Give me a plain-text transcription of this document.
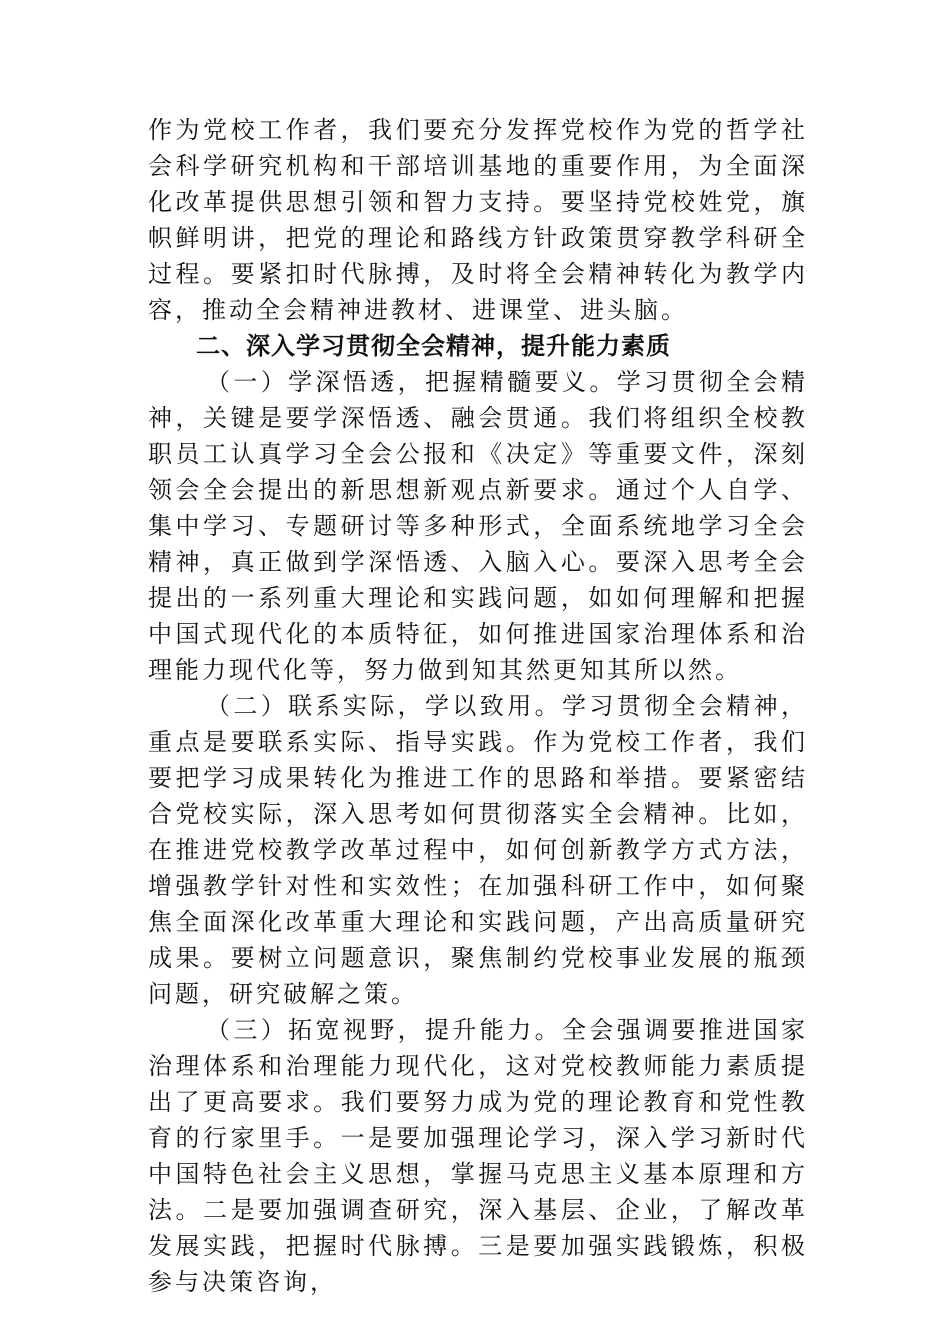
作为党校工作者，我们要充分发挥党校作为党的哲学社会科学研究机构和干部培训基地的重要作用，为全面深化改革提供思想引领和智力支持。要坚持党校姓党，旗帜鲜明讲，把党的理论和路线方针政策贯穿教学科研全过程。要紧扣时代脉搏，及时将全会精神转化为教学内容，推动全会精神进教材、进课堂、进头脑。

二、深入学习贯彻全会精神，提升能力素质

（一）学深悟透，把握精髓要义。学习贯彻全会精神，关键是要学深悟透、融会贯通。我们将组织全校教职员工认真学习全会公报和《决定》等重要文件，深刻领会全会提出的新思想新观点新要求。通过个人自学、集中学习、专题研讨等多种形式，全面系统地学习全会精神，真正做到学深悟透、入脑入心。要深入思考全会提出的一系列重大理论和实践问题，如如何理解和把握中国式现代化的本质特征，如何推进国家治理体系和治理能力现代化等，努力做到知其然更知其所以然。

（二）联系实际，学以致用。学习贯彻全会精神，重点是要联系实际、指导实践。作为党校工作者，我们要把学习成果转化为推进工作的思路和举措。要紧密结合党校实际，深入思考如何贯彻落实全会精神。比如，在推进党校教学改革过程中，如何创新教学方式方法，增强教学针对性和实效性；在加强科研工作中，如何聚焦全面深化改革重大理论和实践问题，产出高质量研究成果。要树立问题意识，聚焦制约党校事业发展的瓶颈问题，研究破解之策。

（三）拓宽视野，提升能力。全会强调要推进国家治理体系和治理能力现代化，这对党校教师能力素质提出了更高要求。我们要努力成为党的理论教育和党性教育的行家里手。一是要加强理论学习，深入学习新时代中国特色社会主义思想，掌握马克思主义基本原理和方法。二是要加强调查研究，深入基层、企业，了解改革发展实践，把握时代脉搏。三是要加强实践锻炼，积极参与决策咨询，
